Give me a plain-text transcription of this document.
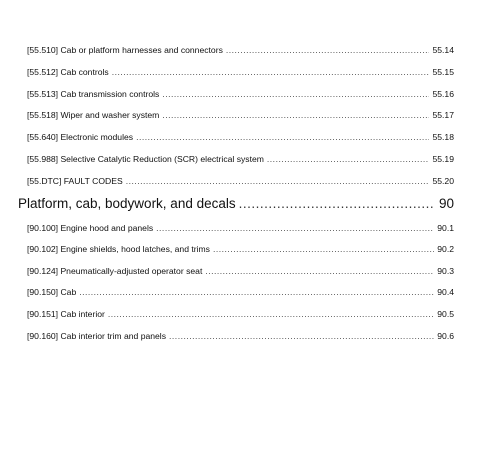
[55.510] Cab or platform harnesses and connectors .....	55.14
[55.512] Cab controls .....	55.15
[55.513] Cab transmission controls .....	55.16
[55.518] Wiper and washer system .....	55.17
[55.640] Electronic modules .....	55.18
[55.988] Selective Catalytic Reduction (SCR) electrical system .....	55.19
[55.DTC] FAULT CODES .....	55.20
Platform, cab, bodywork, and decals .....	90
[90.100] Engine hood and panels .....	90.1
[90.102] Engine shields, hood latches, and trims .....	90.2
[90.124] Pneumatically-adjusted operator seat .....	90.3
[90.150] Cab .....	90.4
[90.151] Cab interior .....	90.5
[90.160] Cab interior trim and panels .....	90.6
